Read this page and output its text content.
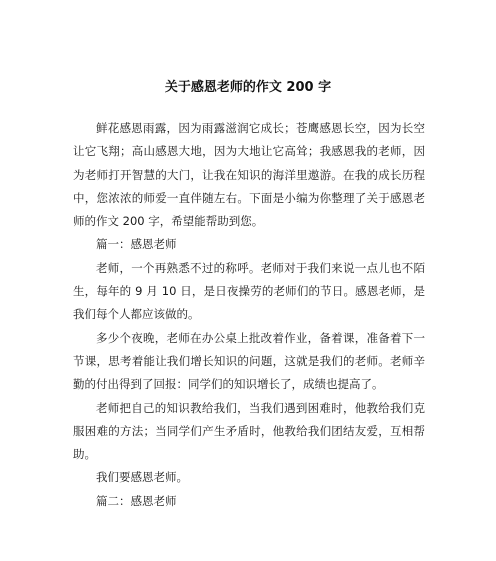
关于感恩老师的作文 200 字

鲜花感恩雨露，因为雨露滋润它成长；苍鹰感恩长空，因为长空让它飞翔；高山感恩大地，因为大地让它高耸；我感恩我的老师，因为老师打开智慧的大门，让我在知识的海洋里遨游。在我的成长历程中，您浓浓的师爱一直伴随左右。下面是小编为你整理了关于感恩老师的作文 200 字，希望能帮助到您。

篇一：感恩老师

老师，一个再熟悉不过的称呼。老师对于我们来说一点儿也不陌生，每年的 9 月 10 日，是日夜操劳的老师们的节日。感恩老师，是我们每个人都应该做的。

多少个夜晚，老师在办公桌上批改着作业，备着课，准备着下一节课，思考着能让我们增长知识的问题，这就是我们的老师。老师辛勤的付出得到了回报：同学们的知识增长了，成绩也提高了。

老师把自己的知识教给我们，当我们遇到困难时，他教给我们克服困难的方法；当同学们产生矛盾时，他教给我们团结友爱，互相帮助。

我们要感恩老师。

篇二：感恩老师
